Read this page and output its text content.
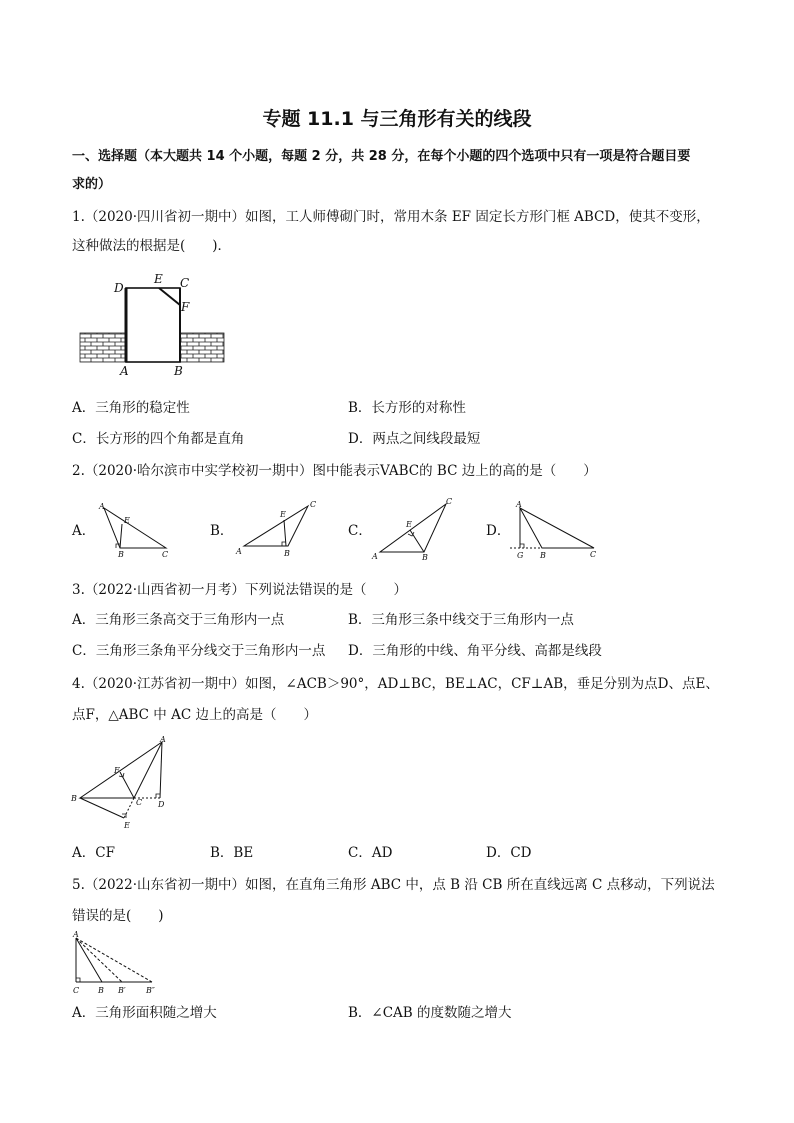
专题 11.1 与三角形有关的线段
一、选择题（本大题共 14 个小题，每题 2 分，共 28 分，在每个小题的四个选项中只有一项是符合题目要
求的）
1.（2020·四川省初一期中）如图，工人师傅砌门时，常用木条 EF 固定长方形门框 ABCD，使其不变形，
这种做法的根据是(　　)．
D
E C
F
A	B
A．三角形的稳定性	B．长方形的对称性
C．长方形的四个角都是直角	D．两点之间线段最短
2.（2020·哈尔滨市中实学校初一期中）图中能表示VABC的 BC 边上的高的是（　　）
A．
A
E
B	C
B．
C
E
A	B
C．
C
E
A	B
D．
A
G B	C
3.（2022·山西省初一月考）下列说法错误的是（　　）
A．三角形三条高交于三角形内一点	B．三角形三条中线交于三角形内一点
C．三角形三条角平分线交于三角形内一点 D．三角形的中线、角平分线、高都是线段
4.（2020·江苏省初一期中）如图，∠ACB＞90°，AD⊥BC，BE⊥AC，CF⊥AB，垂足分别为点D、点E、
点F，△ABC 中 AC 边上的高是（　　）
A
F
B	C D
E
A．CF	B．BE	C．AD	D．CD
5.（2022·山东省初一期中）如图，在直角三角形 ABC 中，点 B 沿 CB 所在直线远离 C 点移动，下列说法
错误的是(　　)
A
C B B′	B″
A．三角形面积随之增大	B．∠CAB 的度数随之增大
